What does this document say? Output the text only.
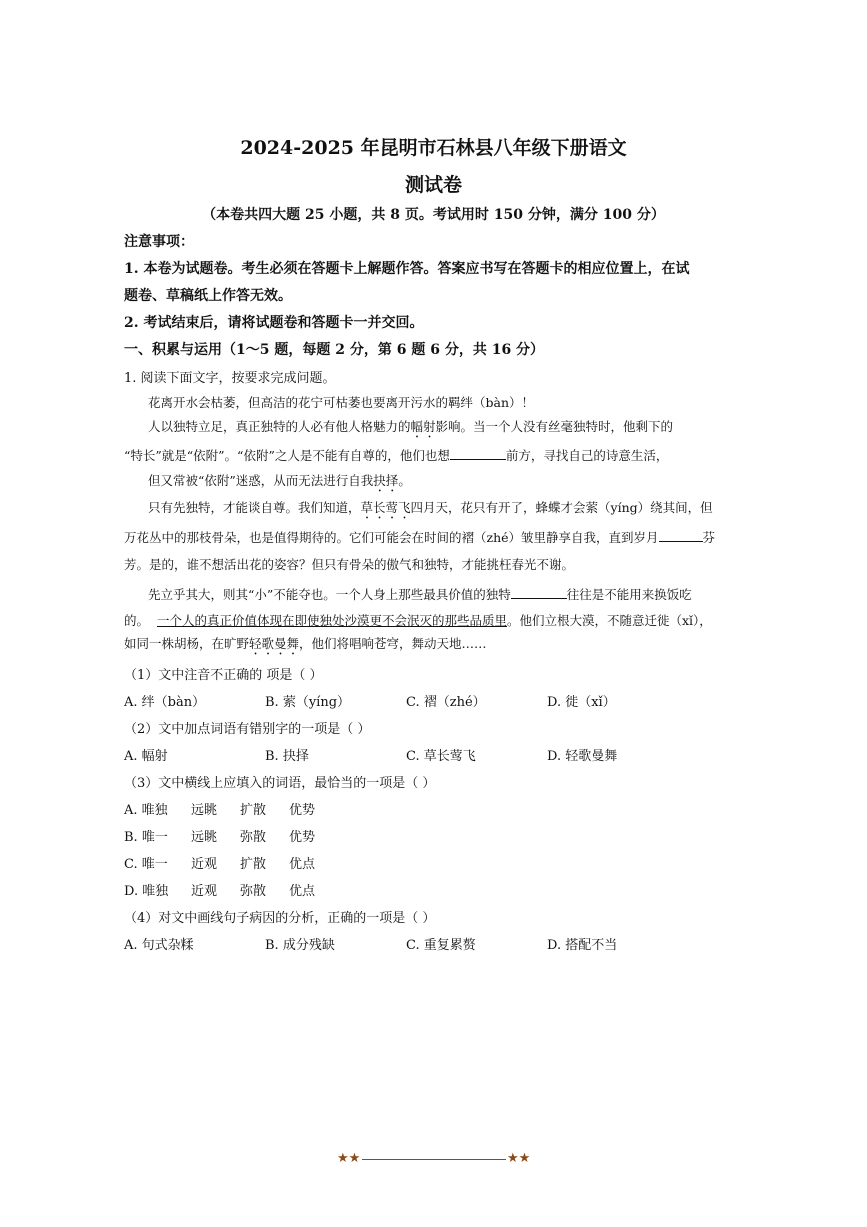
2024-2025 年昆明市石林县八年级下册语文
测试卷
（本卷共四大题 25 小题，共 8 页。考试用时 150 分钟，满分 100 分）
注意事项：
1. 本卷为试题卷。考生必须在答题卡上解题作答。答案应书写在答题卡的相应位置上，在试
题卷、草稿纸上作答无效。
2. 考试结束后，请将试题卷和答题卡一并交回。
一、积累与运用（1～5 题，每题 2 分，第 6 题 6 分，共 16 分）
1. 阅读下面文字，按要求完成问题。
花离开水会枯萎，但高洁的花宁可枯萎也要离开污水的羁绊（bàn）！
人以独特立足，真正独特的人必有他人格魅力的幅射影响。当一个人没有丝毫独特时，他剩下的
“特长”就是“依附”。“依附”之人是不能有自尊的，他们也想	前方，寻找自己的诗意生活，
但又常被“依附”迷惑，从而无法进行自我抉择。
只有先独特，才能谈自尊。我们知道，草长莺飞四月天，花只有开了，蜂蝶才会萦（yíng）绕其间，但
万花丛中的那枝骨朵，也是值得期待的。它们可能会在时间的褶（zhé）皱里静享自我，直到岁月	芬
芳。是的，谁不想活出花的姿容？但只有骨朵的傲气和独特，才能挑枉春光不谢。
先立乎其大，则其“小”不能夺也。一个人身上那些最具价值的独特	往往是不能用来换饭吃
的。 一个人的真正价值体现在即使独处沙漠更不会泯灭的那些品质里。他们立根大漠，不随意迁徙（xǐ），
如同一株胡杨，在旷野轻歌曼舞，他们将唱响苍穹，舞动天地……
（1）文中注音不正确的 项是（ ）
A. 绊（bàn）	B. 萦（yíng）	C. 褶（zhé）	D. 徙（xǐ）
（2）文中加点词语有错别字的一项是（ ）
A. 幅射	B. 抉择	C. 草长莺飞	D. 轻歌曼舞
（3）文中横线上应填入的词语，最恰当的一项是（ ）
A. 唯独 远眺 扩散 优势
B. 唯一 远眺 弥散 优势
C. 唯一 近观 扩散 优点
D. 唯独 近观 弥散 优点
（4）对文中画线句子病因的分析，正确的一项是（ ）
A. 句式杂糅	B. 成分残缺	C. 重复累赘	D. 搭配不当
★★	★★
